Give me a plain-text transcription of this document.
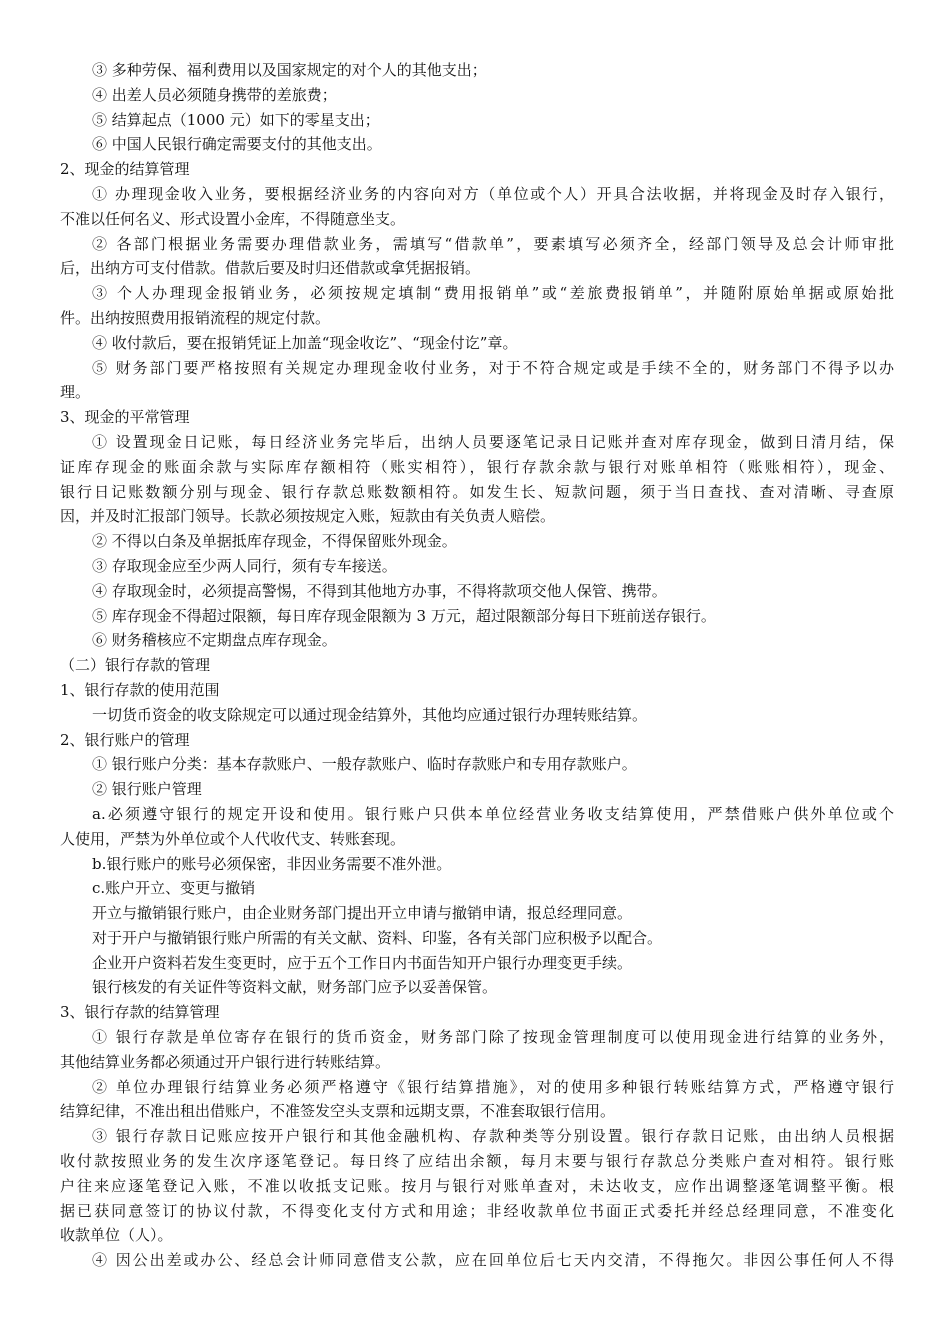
③ 多种劳保、福利费用以及国家规定的对个人的其他支出；

④ 出差人员必须随身携带的差旅费；

⑤ 结算起点（1000 元）如下的零星支出；

⑥ 中国人民银行确定需要支付的其他支出。

2、现金的结算管理

① 办理现金收入业务，要根据经济业务的内容向对方（单位或个人）开具合法收据，并将现金及时存入银行，

不准以任何名义、形式设置小金库，不得随意坐支。

② 各部门根据业务需要办理借款业务，需填写“借款单”，要素填写必须齐全，经部门领导及总会计师审批

后，出纳方可支付借款。借款后要及时归还借款或拿凭据报销。

③ 个人办理现金报销业务，必须按规定填制“费用报销单”或“差旅费报销单”，并随附原始单据或原始批

件。出纳按照费用报销流程的规定付款。

④ 收付款后，要在报销凭证上加盖“现金收讫”、“现金付讫”章。

⑤ 财务部门要严格按照有关规定办理现金收付业务，对于不符合规定或是手续不全的，财务部门不得予以办

理。

3、现金的平常管理

① 设置现金日记账，每日经济业务完毕后，出纳人员要逐笔记录日记账并查对库存现金，做到日清月结，保

证库存现金的账面余款与实际库存额相符（账实相符），银行存款余款与银行对账单相符（账账相符），现金、

银行日记账数额分别与现金、银行存款总账数额相符。如发生长、短款问题，须于当日查找、查对清晰、寻查原

因，并及时汇报部门领导。长款必须按规定入账，短款由有关负责人赔偿。

② 不得以白条及单据抵库存现金，不得保留账外现金。

③ 存取现金应至少两人同行，须有专车接送。

④ 存取现金时，必须提高警惕，不得到其他地方办事，不得将款项交他人保管、携带。

⑤ 库存现金不得超过限额，每日库存现金限额为 3 万元，超过限额部分每日下班前送存银行。

⑥ 财务稽核应不定期盘点库存现金。

（二）银行存款的管理

1、银行存款的使用范围

一切货币资金的收支除规定可以通过现金结算外，其他均应通过银行办理转账结算。

2、银行账户的管理

① 银行账户分类：基本存款账户、一般存款账户、临时存款账户和专用存款账户。

② 银行账户管理

a.必须遵守银行的规定开设和使用。银行账户只供本单位经营业务收支结算使用，严禁借账户供外单位或个

人使用，严禁为外单位或个人代收代支、转账套现。

b.银行账户的账号必须保密，非因业务需要不准外泄。

c.账户开立、变更与撤销

开立与撤销银行账户，由企业财务部门提出开立申请与撤销申请，报总经理同意。

对于开户与撤销银行账户所需的有关文献、资料、印鉴，各有关部门应积极予以配合。

企业开户资料若发生变更时，应于五个工作日内书面告知开户银行办理变更手续。

银行核发的有关证件等资料文献，财务部门应予以妥善保管。

3、银行存款的结算管理

① 银行存款是单位寄存在银行的货币资金，财务部门除了按现金管理制度可以使用现金进行结算的业务外，

其他结算业务都必须通过开户银行进行转账结算。

② 单位办理银行结算业务必须严格遵守《银行结算措施》，对的使用多种银行转账结算方式，严格遵守银行

结算纪律，不准出租出借账户，不准签发空头支票和远期支票，不准套取银行信用。

③ 银行存款日记账应按开户银行和其他金融机构、存款种类等分别设置。银行存款日记账，由出纳人员根据

收付款按照业务的发生次序逐笔登记。每日终了应结出余额，每月末要与银行存款总分类账户查对相符。银行账

户往来应逐笔登记入账，不准以收抵支记账。按月与银行对账单查对，未达收支，应作出调整逐笔调整平衡。根

据已获同意签订的协议付款，不得变化支付方式和用途；非经收款单位书面正式委托并经总经理同意，不准变化

收款单位（人）。

④ 因公出差或办公、经总会计师同意借支公款，应在回单位后七天内交清，不得拖欠。非因公事任何人不得
